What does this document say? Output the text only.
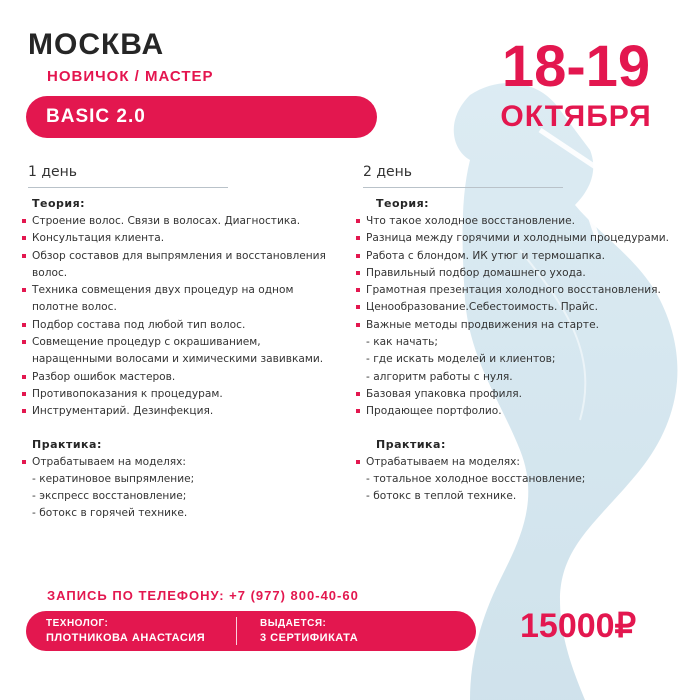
МОСКВА
НОВИЧОК / МАСТЕР
BASIC 2.0
18-19
ОКТЯБРЯ
1 день
Теория:
Строение волос. Связи в волосах. Диагностика.
Консультация клиента.
Обзор составов для выпрямления и восстановления волос.
Техника совмещения двух процедур на одном полотне волос.
Подбор состава под любой тип волос.
Совмещение процедур с окрашиванием, наращенными волосами и химическими завивками.
Разбор ошибок мастеров.
Противопоказания к процедурам.
Инструментарий. Дезинфекция.
Практика:
Отрабатываем на моделях:
- кератиновое выпрямление;
- экспресс восстановление;
- ботокс в горячей технике.
2 день
Теория:
Что такое холодное восстановление.
Разница между горячими и холодными процедурами.
Работа с блондом. ИК утюг и термошапка.
Правильный подбор домашнего ухода.
Грамотная презентация холодного восстановления.
Ценообразование.Себестоимость. Прайс.
Важные методы продвижения на старте.
- как начать;
- где искать моделей и клиентов;
- алгоритм работы с нуля.
Базовая упаковка профиля.
Продающее портфолио.
Практика:
Отрабатываем на моделях:
- тотальное холодное восстановление;
- ботокс в теплой технике.
ЗАПИСЬ ПО ТЕЛЕФОНУ: +7 (977) 800-40-60
ТЕХНОЛОГ:
ПЛОТНИКОВА АНАСТАСИЯ
ВЫДАЕТСЯ:
3 СЕРТИФИКАТА	15000₽
